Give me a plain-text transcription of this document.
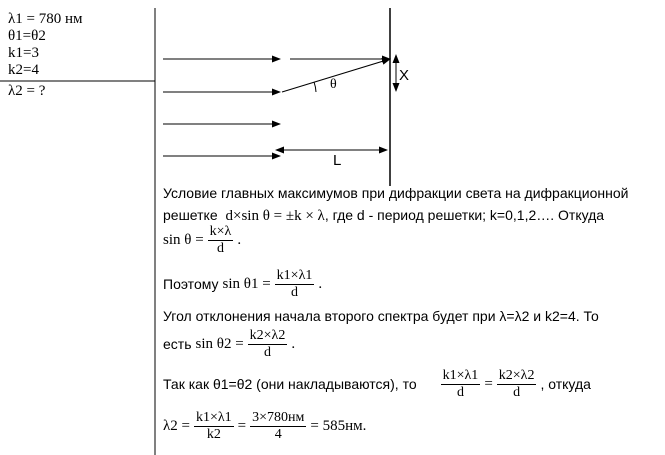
λ1 = 780 нм
θ1=θ2
k1=3
k2=4
λ2 = ?
X
θ
L
Условие главных максимумов при дифракции света на дифракционной
решетке d×sin θ = ±k × λ, где d - период решетки; k=0,1,2…. Откуда
$\sin \theta = \frac{k\times\lambda}{d}$ .
Поэтому $\sin \theta 1 = \frac{k1\times\lambda 1}{d}$ .
Угол отклонения начала второго спектра будет при λ=λ2 и k2=4. То
есть $\sin \theta 2 = \frac{k2\times\lambda 2}{d}$ .
Так как θ1=θ2 (они накладываются), то $\frac{k1\times\lambda 1}{d} = \frac{k2\times\lambda 2}{d}$ , откуда
$\lambda 2 = \frac{k1\times\lambda 1}{k2} = \frac{3\times 780нм}{4} = 585нм$.
